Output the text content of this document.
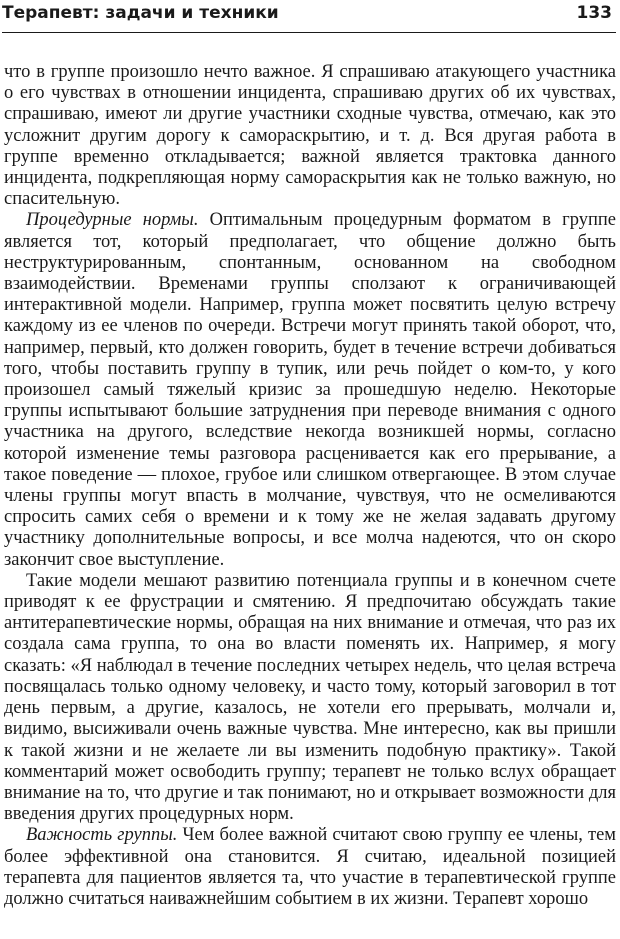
Терапевт: задачи и техники	133

что в группе произошло нечто важное. Я спрашиваю атакующего участника о его чувствах в отношении инцидента, спрашиваю других об их чувствах, спрашиваю, имеют ли другие участники сходные чувства, отмечаю, как это усложнит другим дорогу к самораскрытию, и т. д. Вся другая работа в группе временно откладывается; важной является трактовка данного инцидента, подкрепляющая норму самораскрытия как не только важную, но спасительную.

Процедурные нормы. Оптимальным процедурным форматом в группе является тот, который предполагает, что общение должно быть неструктурированным, спонтанным, основанном на свободном взаимодействии. Временами группы сползают к ограничивающей интерактивной модели. Например, группа может посвятить целую встречу каждому из ее членов по очереди. Встречи могут принять такой оборот, что, например, первый, кто должен говорить, будет в течение встречи добиваться того, чтобы поставить группу в тупик, или речь пойдет о ком-то, у кого произошел самый тяжелый кризис за прошедшую неделю. Некоторые группы испытывают большие затруднения при переводе внимания с одного участника на другого, вследствие некогда возникшей нормы, согласно которой изменение темы разговора расценивается как его прерывание, а такое поведение — плохое, грубое или слишком отвергающее. В этом случае члены группы могут впасть в молчание, чувствуя, что не осмеливаются спросить самих себя о времени и к тому же не желая задавать другому участнику дополнительные вопросы, и все молча надеются, что он скоро закончит свое выступление.

Такие модели мешают развитию потенциала группы и в конечном счете приводят к ее фрустрации и смятению. Я предпочитаю обсуждать такие антитерапевтические нормы, обращая на них внимание и отмечая, что раз их создала сама группа, то она во власти поменять их. Например, я могу сказать: «Я наблюдал в течение последних четырех недель, что целая встреча посвящалась только одному человеку, и часто тому, который заговорил в тот день первым, а другие, казалось, не хотели его прерывать, молчали и, видимо, высиживали очень важные чувства. Мне интересно, как вы пришли к такой жизни и не желаете ли вы изменить подобную практику». Такой комментарий может освободить группу; терапевт не только вслух обращает внимание на то, что другие и так понимают, но и открывает возможности для введения других процедурных норм.

Важность группы. Чем более важной считают свою группу ее члены, тем более эффективной она становится. Я считаю, идеальной позицией терапевта для пациентов является та, что участие в терапевтической группе должно считаться наиважнейшим событием в их жизни. Терапевт хорошо
